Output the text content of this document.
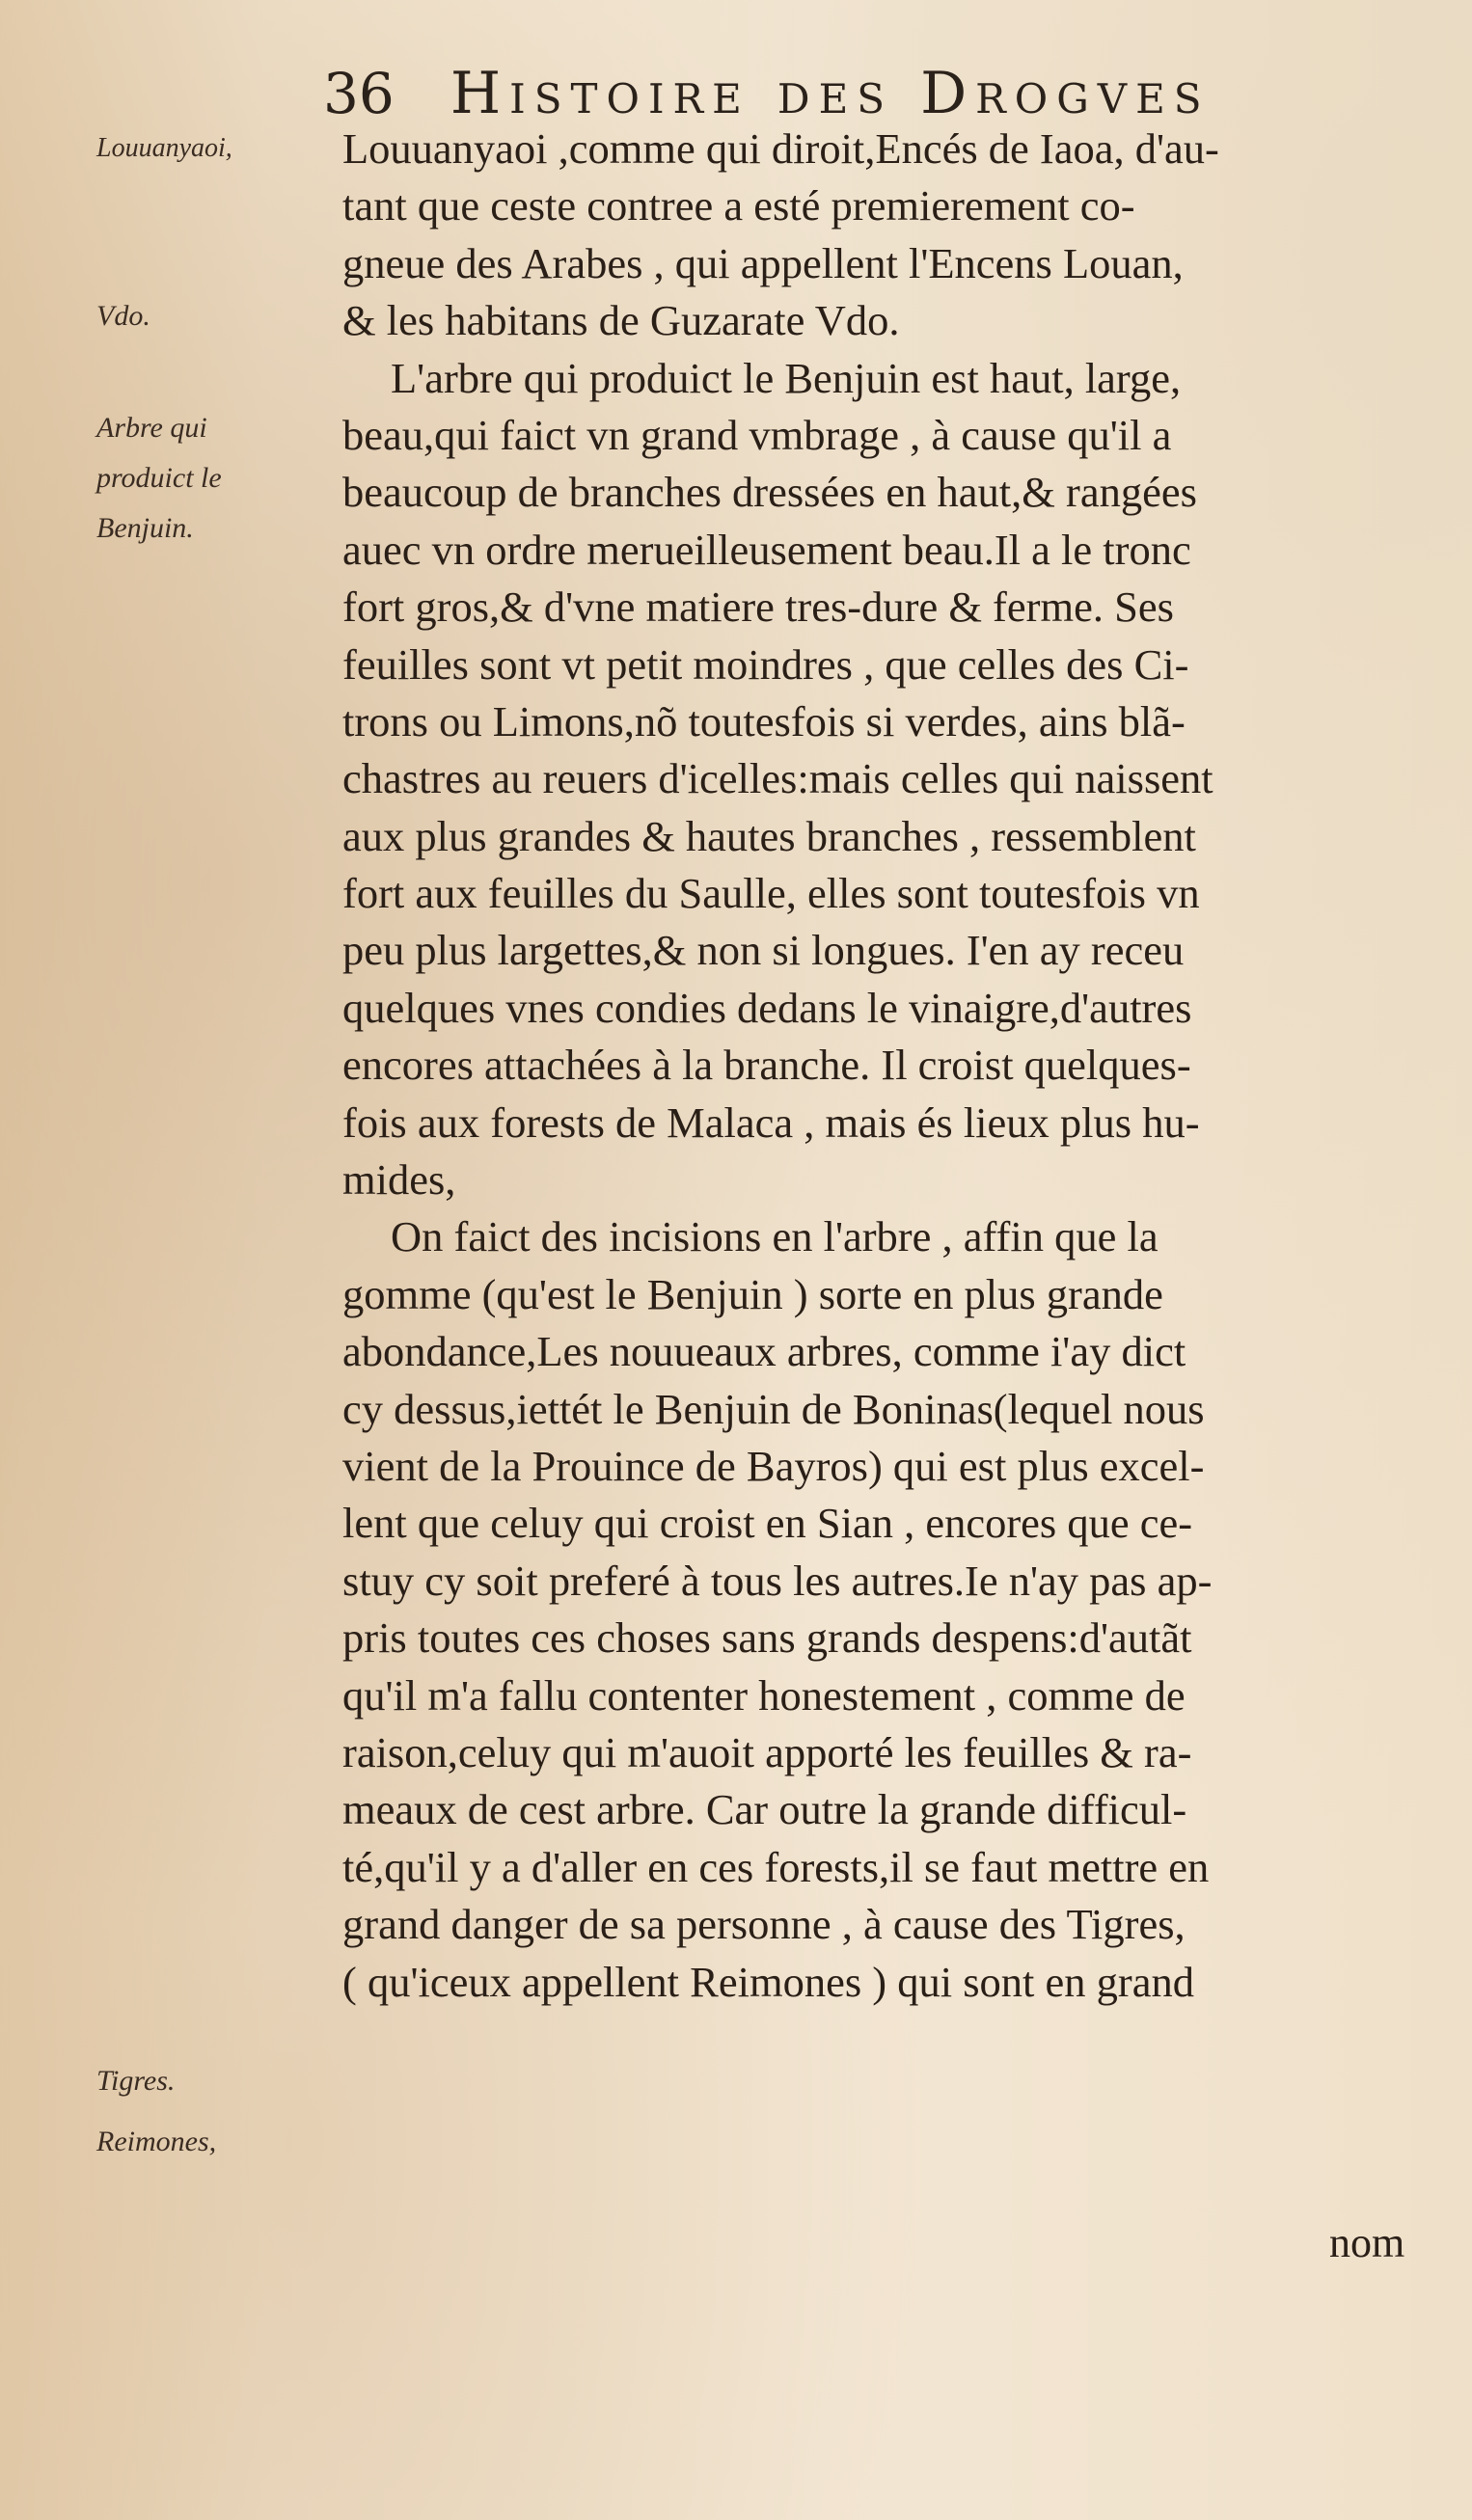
36 Histoire des Drogves
Louuanyaoi,
Vdo.
Arbre qui
produict le
Benjuin.
Tigres.
Reimones,
Louuanyaoi ,comme qui diroit,Encés de Iaoa, d'au-
tant que ceste contree a esté premierement co-
gneue des Arabes , qui appellent l'Encens Louan,
& les habitans de Guzarate Vdo.
L'arbre qui produict le Benjuin est haut, large,
beau,qui faict vn grand vmbrage , à cause qu'il a
beaucoup de branches dressées en haut,& rangées
auec vn ordre merueilleusement beau.Il a le tronc
fort gros,& d'vne matiere tres-dure & ferme. Ses
feuilles sont vt petit moindres , que celles des Ci-
trons ou Limons,nõ toutesfois si verdes, ains blã-
chastres au reuers d'icelles:mais celles qui naissent
aux plus grandes & hautes branches , ressemblent
fort aux feuilles du Saulle, elles sont toutesfois vn
peu plus largettes,& non si longues. I'en ay receu
quelques vnes condies dedans le vinaigre,d'autres
encores attachées à la branche. Il croist quelques-
fois aux forests de Malaca , mais és lieux plus hu-
mides,
On faict des incisions en l'arbre , affin que la
gomme (qu'est le Benjuin ) sorte en plus grande
abondance,Les nouueaux arbres, comme i'ay dict
cy dessus,iettét le Benjuin de Boninas(lequel nous
vient de la Prouince de Bayros) qui est plus excel-
lent que celuy qui croist en Sian , encores que ce-
stuy cy soit preferé à tous les autres.Ie n'ay pas ap-
pris toutes ces choses sans grands despens:d'autãt
qu'il m'a fallu contenter honestement , comme de
raison,celuy qui m'auoit apporté les feuilles & ra-
meaux de cest arbre. Car outre la grande difficul-
té,qu'il y a d'aller en ces forests,il se faut mettre en
grand danger de sa personne , à cause des Tigres,
( qu'iceux appellent Reimones ) qui sont en grand
nom
